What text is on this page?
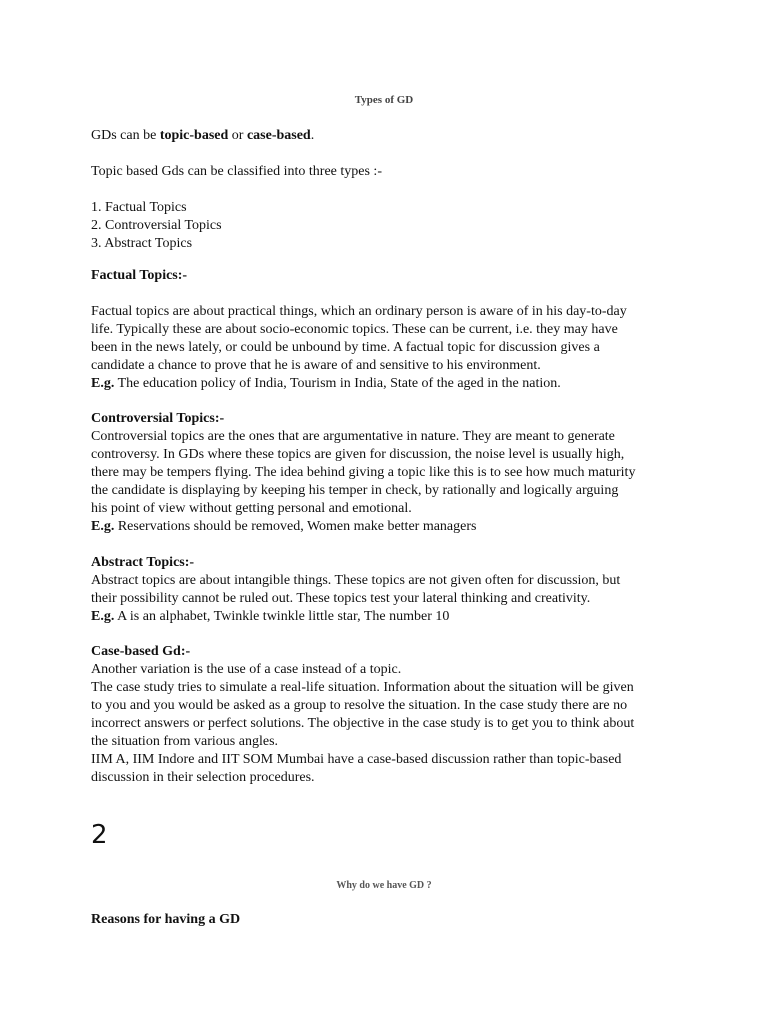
Types of GD
GDs can be topic-based or case-based.
Topic based Gds can be classified into three types :-
1. Factual Topics
2. Controversial Topics
3. Abstract Topics
Factual Topics:-
Factual topics are about practical things, which an ordinary person is aware of in his day-to-day
life. Typically these are about socio-economic topics. These can be current, i.e. they may have
been in the news lately, or could be unbound by time. A factual topic for discussion gives a
candidate a chance to prove that he is aware of and sensitive to his environment.
E.g. The education policy of India, Tourism in India, State of the aged in the nation.
Controversial Topics:-
Controversial topics are the ones that are argumentative in nature. They are meant to generate
controversy. In GDs where these topics are given for discussion, the noise level is usually high,
there may be tempers flying. The idea behind giving a topic like this is to see how much maturity
the candidate is displaying by keeping his temper in check, by rationally and logically arguing
his point of view without getting personal and emotional.
E.g. Reservations should be removed, Women make better managers
Abstract Topics:-
Abstract topics are about intangible things. These topics are not given often for discussion, but
their possibility cannot be ruled out. These topics test your lateral thinking and creativity.
E.g. A is an alphabet, Twinkle twinkle little star, The number 10
Case-based Gd:-
Another variation is the use of a case instead of a topic.
The case study tries to simulate a real-life situation. Information about the situation will be given
to you and you would be asked as a group to resolve the situation. In the case study there are no
incorrect answers or perfect solutions. The objective in the case study is to get you to think about
the situation from various angles.
IIM A, IIM Indore and IIT SOM Mumbai have a case-based discussion rather than topic-based
discussion in their selection procedures.
2
Why do we have GD ?
Reasons for having a GD
